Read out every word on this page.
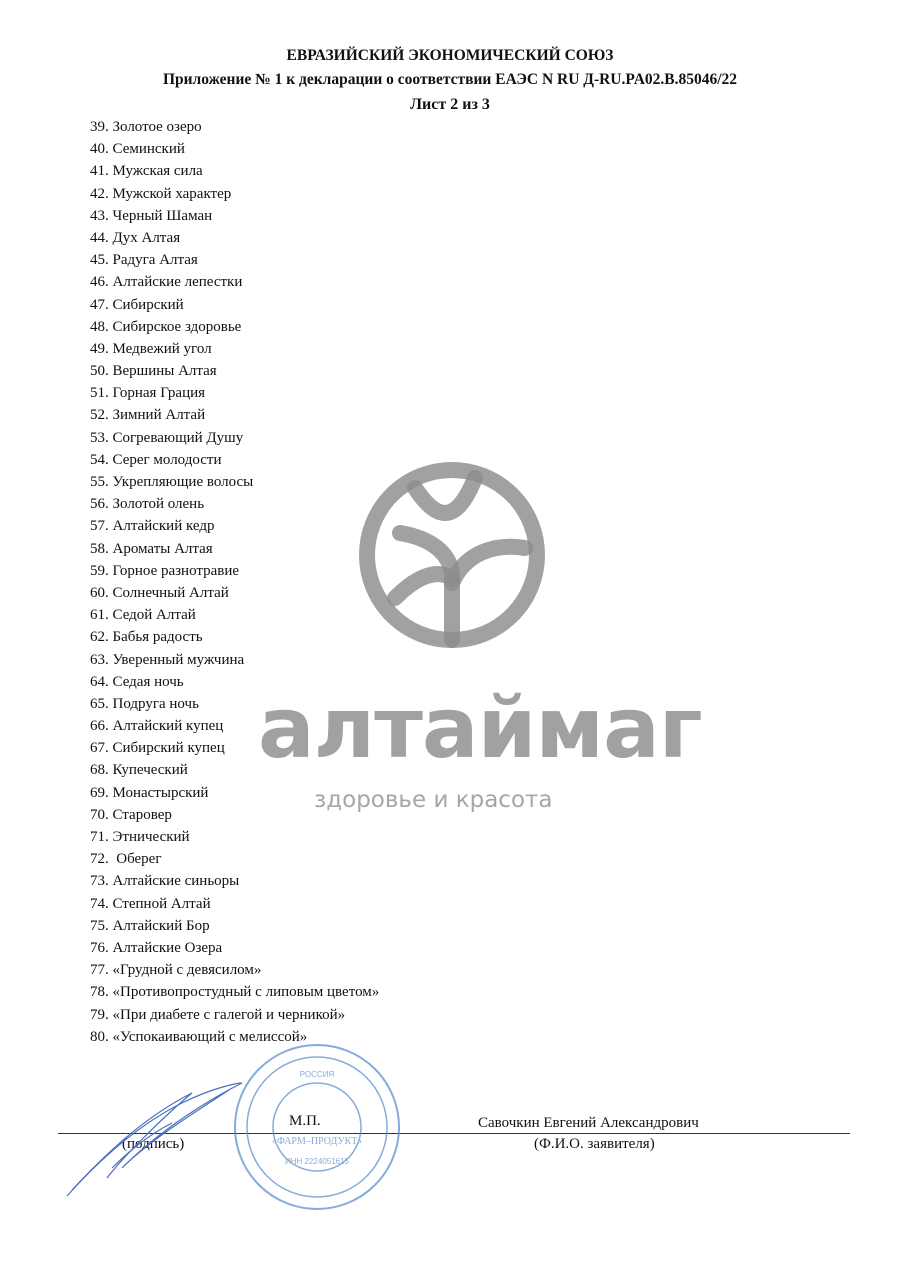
ЕВРАЗИЙСКИЙ ЭКОНОМИЧЕСКИЙ СОЮЗ
Приложение № 1 к декларации о соответствии ЕАЭС N RU Д-RU.PA02.B.85046/22
Лист 2 из 3
39. Золотое озеро
40. Семинский
41. Мужская сила
42. Мужской характер
43. Черный Шаман
44. Дух Алтая
45. Радуга Алтая
46. Алтайские лепестки
47. Сибирский
48. Сибирское здоровье
49. Медвежий угол
50. Вершины Алтая
51. Горная Грация
52. Зимний Алтай
53. Согревающий Душу
54. Серег молодости
55. Укрепляющие волосы
56. Золотой олень
57. Алтайский кедр
58. Ароматы Алтая
59. Горное разнотравие
60. Солнечный Алтай
61. Седой Алтай
62. Бабья радость
63. Уверенный мужчина
64. Седая ночь
65. Подруга ночь
66. Алтайский купец
67. Сибирский купец
68. Купеческий
69. Монастырский
70. Старовер
71. Этнический
72.  Оберег
73. Алтайские синьоры
74. Степной Алтай
75. Алтайский Бор
76. Алтайские Озера
77. «Грудной с девясилом»
78. «Противопростудный с липовым цветом»
79. «При диабете с галегой и черникой»
80. «Успокаивающий с мелиссой»
алтаймаг
здоровье и красота
М.П.	Савочкин Евгений Александрович
(подпись)	(Ф.И.О. заявителя)
РОССИЯ
«ФАРМ–ПРОДУКТ»
ИНН 2224051615
